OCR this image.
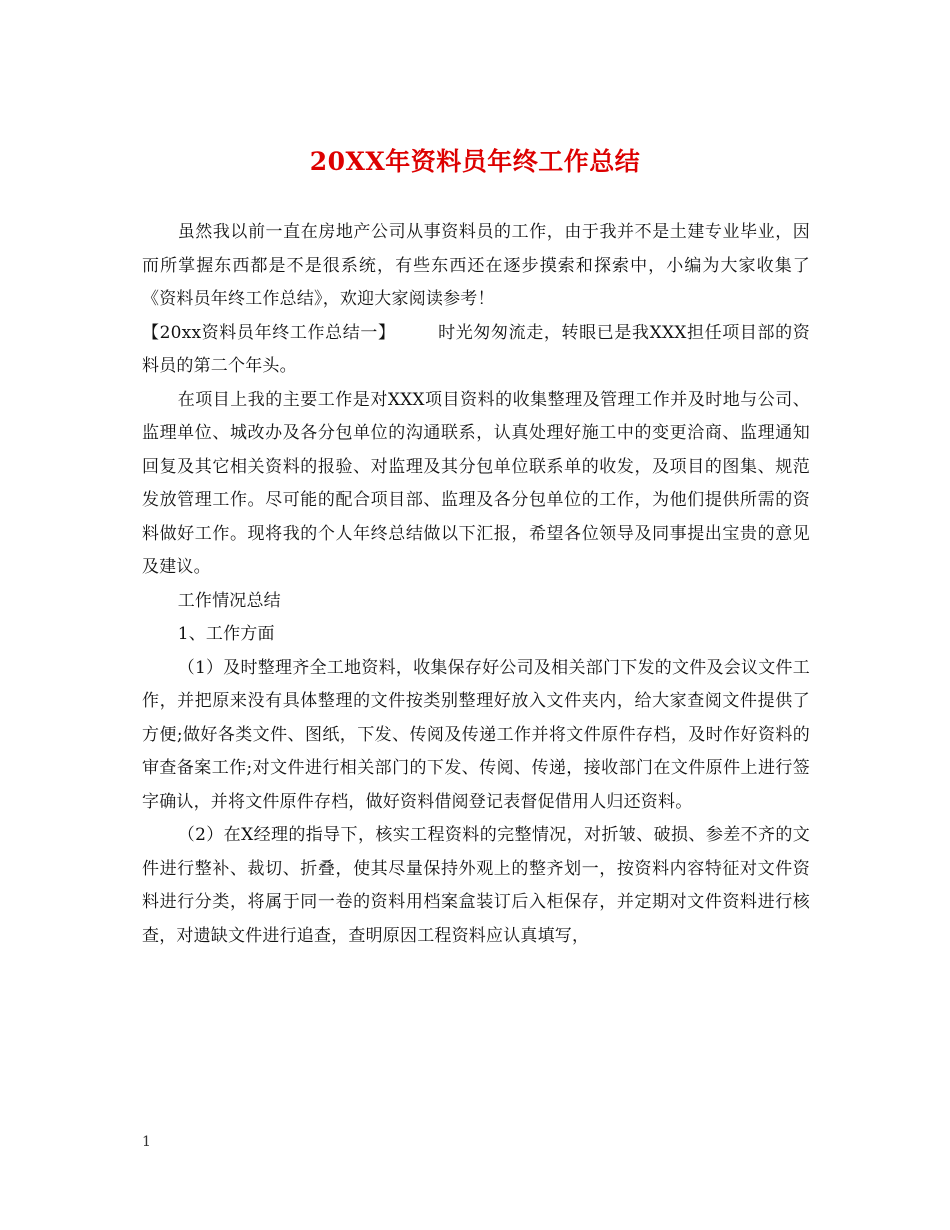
20XX年资料员年终工作总结

虽然我以前一直在房地产公司从事资料员的工作，由于我并不是土建专业毕业，因而所掌握东西都是不是很系统，有些东西还在逐步摸索和探索中，小编为大家收集了《资料员年终工作总结》，欢迎大家阅读参考！

【20xx资料员年终工作总结一】 时光匆匆流走，转眼已是我XXX担任项目部的资料员的第二个年头。

在项目上我的主要工作是对XXX项目资料的收集整理及管理工作并及时地与公司、监理单位、城改办及各分包单位的沟通联系，认真处理好施工中的变更洽商、监理通知回复及其它相关资料的报验、对监理及其分包单位联系单的收发，及项目的图集、规范发放管理工作。尽可能的配合项目部、监理及各分包单位的工作，为他们提供所需的资料做好工作。现将我的个人年终总结做以下汇报，希望各位领导及同事提出宝贵的意见及建议。

工作情况总结

1、工作方面

（1）及时整理齐全工地资料，收集保存好公司及相关部门下发的文件及会议文件工作，并把原来没有具体整理的文件按类别整理好放入文件夹内，给大家查阅文件提供了方便;做好各类文件、图纸，下发、传阅及传递工作并将文件原件存档，及时作好资料的审查备案工作;对文件进行相关部门的下发、传阅、传递，接收部门在文件原件上进行签字确认，并将文件原件存档，做好资料借阅登记表督促借用人归还资料。

（2）在X经理的指导下，核实工程资料的完整情况，对折皱、破损、参差不齐的文件进行整补、裁切、折叠，使其尽量保持外观上的整齐划一，按资料内容特征对文件资料进行分类，将属于同一卷的资料用档案盒装订后入柜保存，并定期对文件资料进行核查，对遗缺文件进行追查，查明原因工程资料应认真填写，

1
